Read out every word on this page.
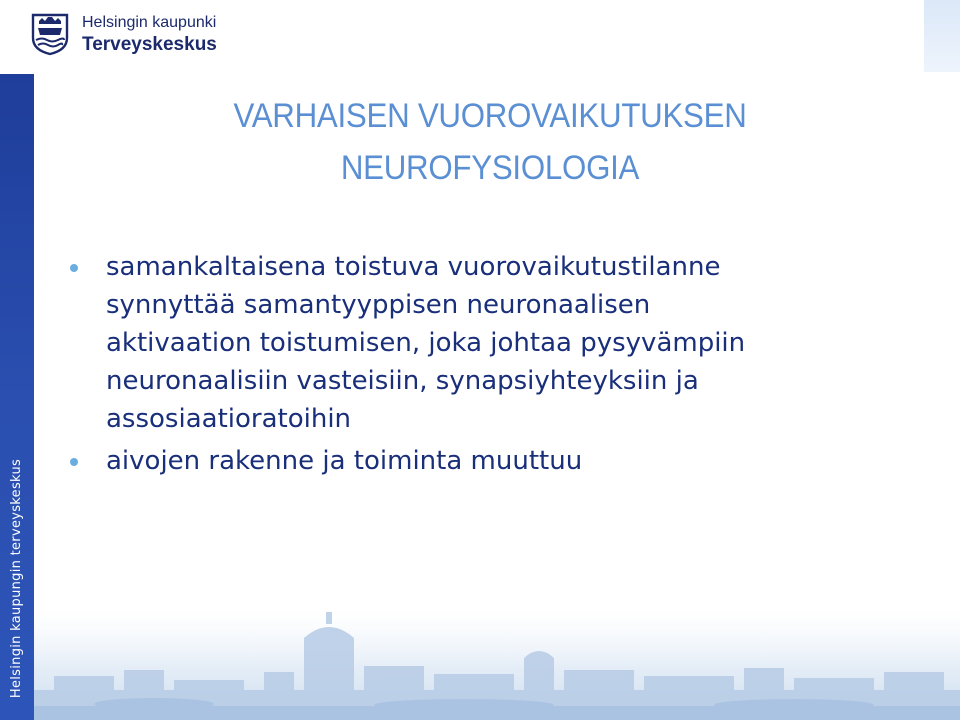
Helsingin kaupunki
Terveyskeskus
Helsingin kaupungin terveyskeskus
VARHAISEN VUOROVAIKUTUKSEN
NEUROFYSIOLOGIA
samankaltaisena toistuva vuorovaikutustilanne
synnyttää samantyyppisen neuronaalisen
aktivaation toistumisen, joka johtaa pysyvämpiin
neuronaalisiin vasteisiin, synapsiyhteyksiin ja
assosiaatioratoihin
aivojen rakenne ja toiminta muuttuu
